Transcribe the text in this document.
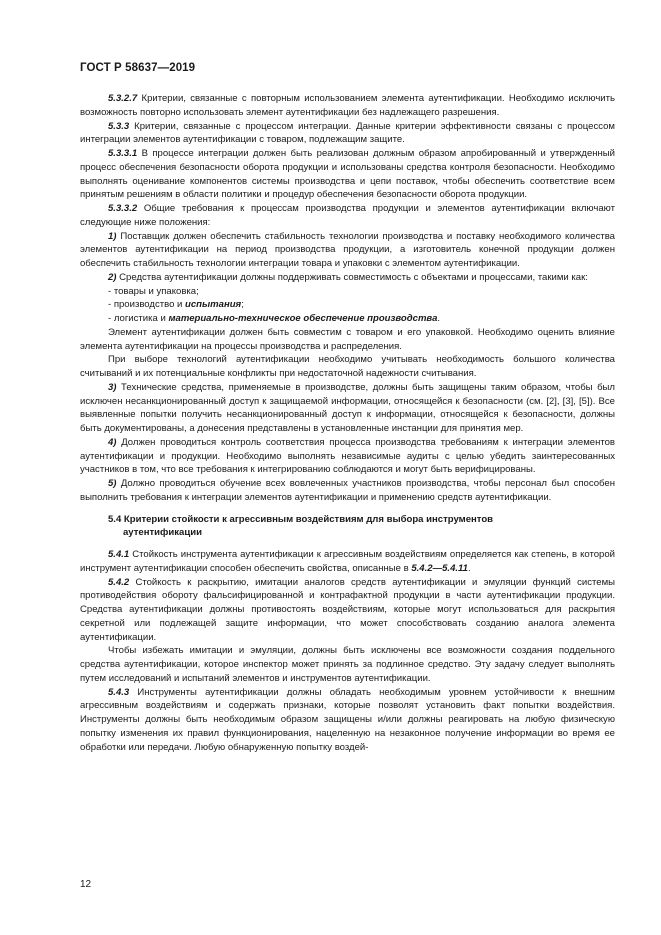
ГОСТ Р 58637—2019

5.3.2.7 Критерии, связанные с повторным использованием элемента аутентификации. Необходимо исключить возможность повторно использовать элемент аутентификации без надлежащего разрешения.

5.3.3 Критерии, связанные с процессом интеграции. Данные критерии эффективности связаны с процессом интеграции элементов аутентификации с товаром, подлежащим защите.

5.3.3.1 В процессе интеграции должен быть реализован должным образом апробированный и утвержденный процесс обеспечения безопасности оборота продукции и использованы средства контроля безопасности. Необходимо выполнять оценивание компонентов системы производства и цепи поставок, чтобы обеспечить соответствие всем принятым решениям в области политики и процедур обеспечения безопасности оборота продукции.

5.3.3.2 Общие требования к процессам производства продукции и элементов аутентификации включают следующие ниже положения:

1) Поставщик должен обеспечить стабильность технологии производства и поставку необходимого количества элементов аутентификации на период производства продукции, а изготовитель конечной продукции должен обеспечить стабильность технологии интеграции товара и упаковки с элементом аутентификации.

2) Средства аутентификации должны поддерживать совместимость с объектами и процессами, такими как:

- товары и упаковка;

- производство и испытания;

- логистика и материально-техническое обеспечение производства.

Элемент аутентификации должен быть совместим с товаром и его упаковкой. Необходимо оценить влияние элемента аутентификации на процессы производства и распределения.

При выборе технологий аутентификации необходимо учитывать необходимость большого количества считываний и их потенциальные конфликты при недостаточной надежности считывания.

3) Технические средства, применяемые в производстве, должны быть защищены таким образом, чтобы был исключен несанкционированный доступ к защищаемой информации, относящейся к безопасности (см. [2], [3], [5]). Все выявленные попытки получить несанкционированный доступ к информации, относящейся к безопасности, должны быть документированы, а донесения представлены в установленные инстанции для принятия мер.

4) Должен проводиться контроль соответствия процесса производства требованиям к интеграции элементов аутентификации и продукции. Необходимо выполнять независимые аудиты с целью убедить заинтересованных участников в том, что все требования к интегрированию соблюдаются и могут быть верифицированы.

5) Должно проводиться обучение всех вовлеченных участников производства, чтобы персонал был способен выполнить требования к интеграции элементов аутентификации и применению средств аутентификации.

5.4 Критерии стойкости к агрессивным воздействиям для выбора инструментов
аутентификации

5.4.1 Стойкость инструмента аутентификации к агрессивным воздействиям определяется как степень, в которой инструмент аутентификации способен обеспечить свойства, описанные в 5.4.2—5.4.11.

5.4.2 Стойкость к раскрытию, имитации аналогов средств аутентификации и эмуляции функций системы противодействия обороту фальсифицированной и контрафактной продукции в части аутентификации продукции. Средства аутентификации должны противостоять воздействиям, которые могут использоваться для раскрытия секретной или подлежащей защите информации, что может способствовать созданию аналога элемента аутентификации.

Чтобы избежать имитации и эмуляции, должны быть исключены все возможности создания поддельного средства аутентификации, которое инспектор может принять за подлинное средство. Эту задачу следует выполнять путем исследований и испытаний элементов и инструментов аутентификации.

5.4.3 Инструменты аутентификации должны обладать необходимым уровнем устойчивости к внешним агрессивным воздействиям и содержать признаки, которые позволят установить факт попытки воздействия. Инструменты должны быть необходимым образом защищены и/или должны реагировать на любую физическую попытку изменения их правил функционирования, нацеленную на незаконное получение информации во время ее обработки или передачи. Любую обнаруженную попытку воздей-

12
